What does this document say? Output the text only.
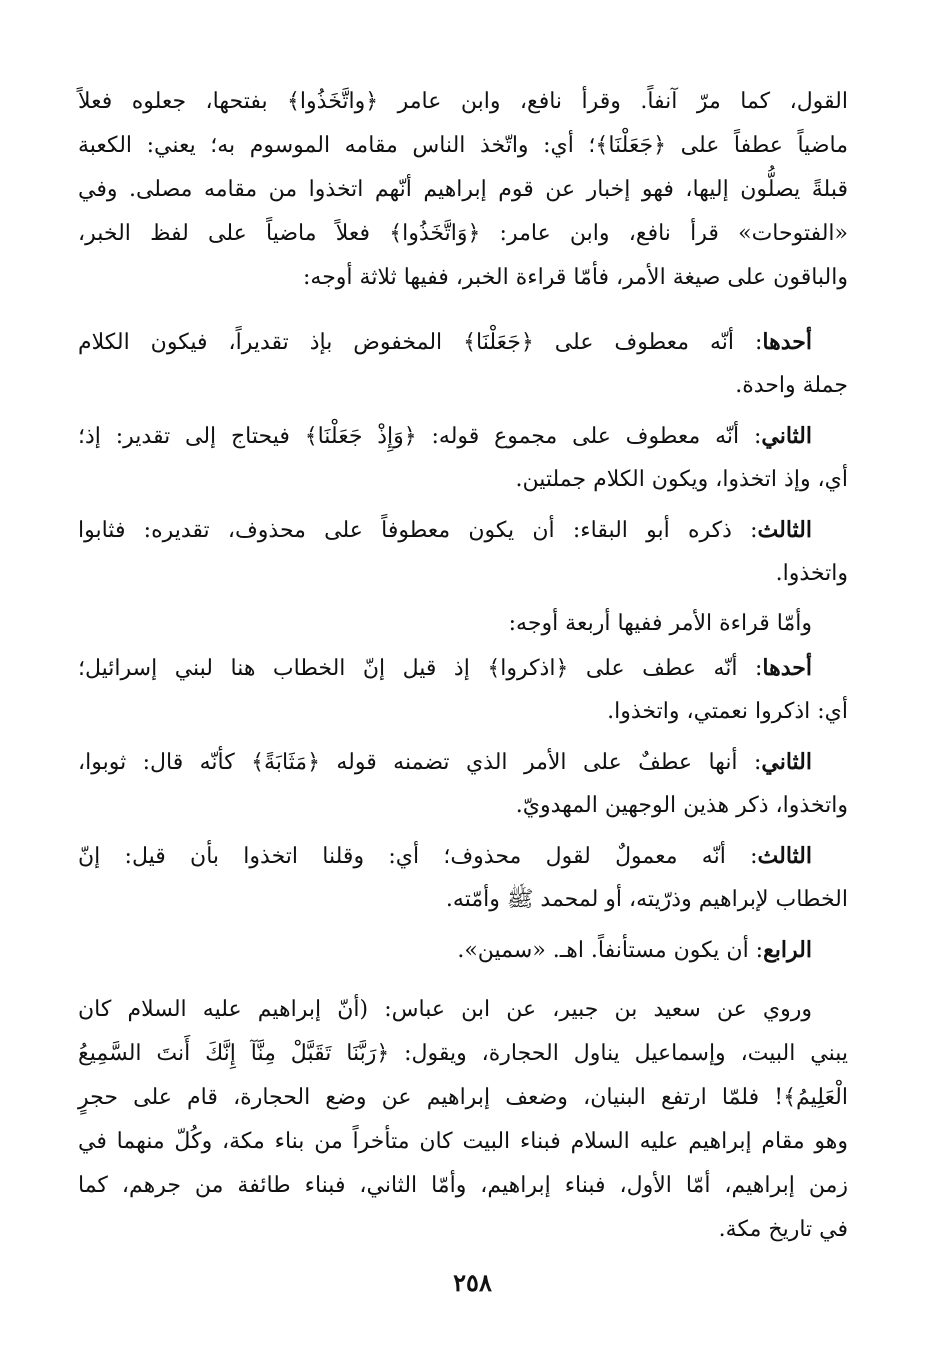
القول، كما مرّ آنفاً. وقرأ نافع، وابن عامر ﴿واتَّخَذُوا﴾ بفتحها، جعلوه فعلاً
ماضياً عطفاً على ﴿جَعَلْنَا﴾؛ أي: واتّخذ الناس مقامه الموسوم به؛ يعني: الكعبة
قبلةً يصلُّون إليها، فهو إخبار عن قوم إبراهيم أنّهم اتخذوا من مقامه مصلى. وفي
«الفتوحات» قرأ نافع، وابن عامر: ﴿وَاتَّخَذُوا﴾ فعلاً ماضياً على لفظ الخبر،
والباقون على صيغة الأمر، فأمّا قراءة الخبر، ففيها ثلاثة أوجه:
أحدها: أنّه معطوف على ﴿جَعَلْنَا﴾ المخفوض بإذ تقديراً، فيكون الكلام
جملة واحدة.
الثاني: أنّه معطوف على مجموع قوله: ﴿وَإِذْ جَعَلْنَا﴾ فيحتاج إلى تقدير: إذ؛
أي، وإذ اتخذوا، ويكون الكلام جملتين.
الثالث: ذكره أبو البقاء: أن يكون معطوفاً على محذوف، تقديره: فثابوا
واتخذوا.
وأمّا قراءة الأمر ففيها أربعة أوجه:
أحدها: أنّه عطف على ﴿اذكروا﴾ إذ قيل إنّ الخطاب هنا لبني إسرائيل؛
أي: اذكروا نعمتي، واتخذوا.
الثاني: أنها عطفٌ على الأمر الذي تضمنه قوله ﴿مَثَابَةً﴾ كأنّه قال: ثوبوا،
واتخذوا، ذكر هذين الوجهين المهدويّ.
الثالث: أنّه معمولٌ لقول محذوف؛ أي: وقلنا اتخذوا بأن قيل: إنّ
الخطاب لإبراهيم وذرّيته، أو لمحمد ﷺ وأمّته.
الرابع: أن يكون مستأنفاً. اهـ. «سمين».
وروي عن سعيد بن جبير، عن ابن عباس: (أنّ إبراهيم عليه السلام كان
يبني البيت، وإسماعيل يناول الحجارة، ويقول: ﴿رَبَّنَا تَقَبَّلْ مِنَّآ إِنَّكَ أَنتَ السَّمِيعُ
الْعَلِيمُ﴾! فلمّا ارتفع البنيان، وضعف إبراهيم عن وضع الحجارة، قام على حجرٍ
وهو مقام إبراهيم عليه السلام فبناء البيت كان متأخراً من بناء مكة، وكُلّ منهما في
زمن إبراهيم، أمّا الأول، فبناء إبراهيم، وأمّا الثاني، فبناء طائفة من جرهم، كما
في تاريخ مكة.
٢٥٨
